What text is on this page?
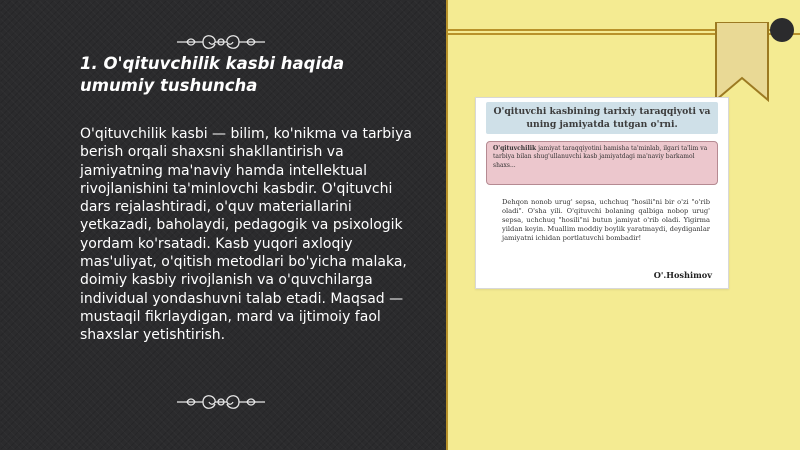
1. O'qituvchilik kasbi haqida umumiy tushuncha
O'qituvchilik kasbi — bilim, ko'nikma va tarbiya berish orqali shaxsni shakllantirish va jamiyatning ma'naviy hamda intellektual rivojlanishini ta'minlovchi kasbdir. O'qituvchi dars rejalashtiradi, o'quv materiallarini yetkazadi, baholaydi, pedagogik va psixologik yordam ko'rsatadi. Kasb yuqori axloqiy mas'uliyat, o'qitish metodlari bo'yicha malaka, doimiy kasbiy rivojlanish va o'quvchilarga individual yondashuvni talab etadi. Maqsad — mustaqil fikrlaydigan, mard va ijtimoiy faol shaxslar yetishtirish.
O'qituvchi kasbining tarixiy taraqqiyoti va uning jamiyatda tutgan o'rni.
O'qituvchilik jamiyat taraqqiyotini hamisha ta'minlab, ilgari ta'lim va tarbiya bilan shug'ullanuvchi kasb jamiyatdagi ma'naviy barkamol shaxs...
Dehqon nonob urug' sepsa, uchchuq "hosili"ni bir o'zi "o'rib oladi". O'sha yili. O'qituvchi bolaning qalbiga nobop urug' sepsa, uchchuq "hosili"ni butun jamiyat o'rib oladi. Yigirma yildan keyin. Muallim moddiy boylik yaratmaydi, deydiganlar jamiyatni ichidan portlatuvchi bombadir!
O'.Hoshimov
